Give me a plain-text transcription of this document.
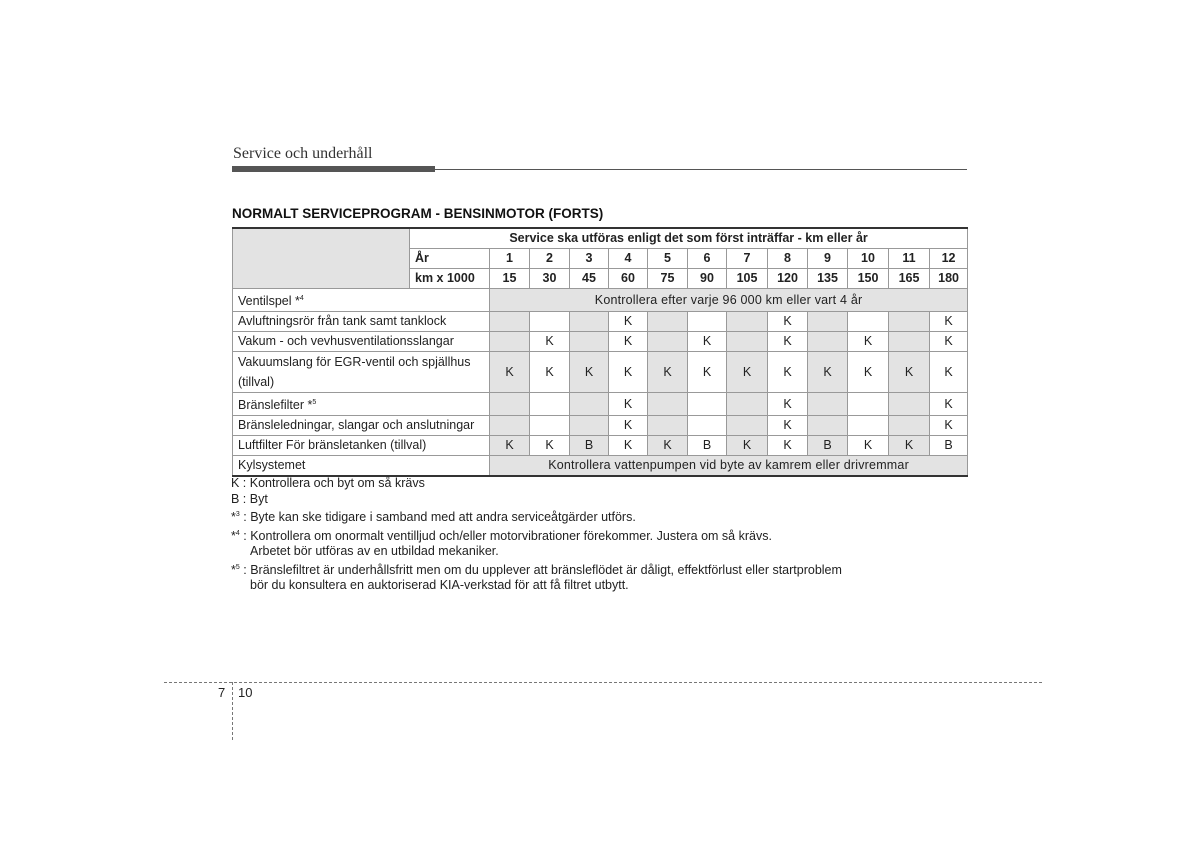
Service och underhåll
NORMALT SERVICEPROGRAM - BENSINMOTOR (FORTS)
	Service ska utföras enligt det som först inträffar - km eller år												
	År	1	2	3	4	5	6	7	8	9	10	11	12
	km x 1000	15	30	45	60	75	90	105	120	135	150	165	180
Ventilspel *$^4$		Kontrollera efter varje 96 000 km eller vart 4 år											
Avluftningsrör från tank samt tanklock					K				K				K
Vakum - och vevhusventilationsslangar			K		K		K		K		K		K
Vakuumslang för EGR-ventil och spjällhus
(tillval)		K	K	K	K	K	K	K	K	K	K	K	K
Bränslefilter *$^5$					K				K				K
Bränsleledningar, slangar och anslutningar					K				K				K
Luftfilter För bränsletanken (tillval)		K	K	B	K	K	B	K	K	B	K	K	B
Kylsystemet		Kontrollera vattenpumpen vid byte av kamrem eller drivremmar											
K : Kontrollera och byt om så krävs
B : Byt
*$^3$ : Byte kan ske tidigare i samband med att andra serviceåtgärder utförs.
*$^4$ : Kontrollera om onormalt ventilljud och/eller motorvibrationer förekommer. Justera om så krävs.
Arbetet bör utföras av en utbildad mekaniker.
*$^5$ : Bränslefiltret är underhållsfritt men om du upplever att bränsleflödet är dåligt, effektförlust eller startproblem
bör du konsultera en auktoriserad KIA-verkstad för att få filtret utbytt.
7 10
